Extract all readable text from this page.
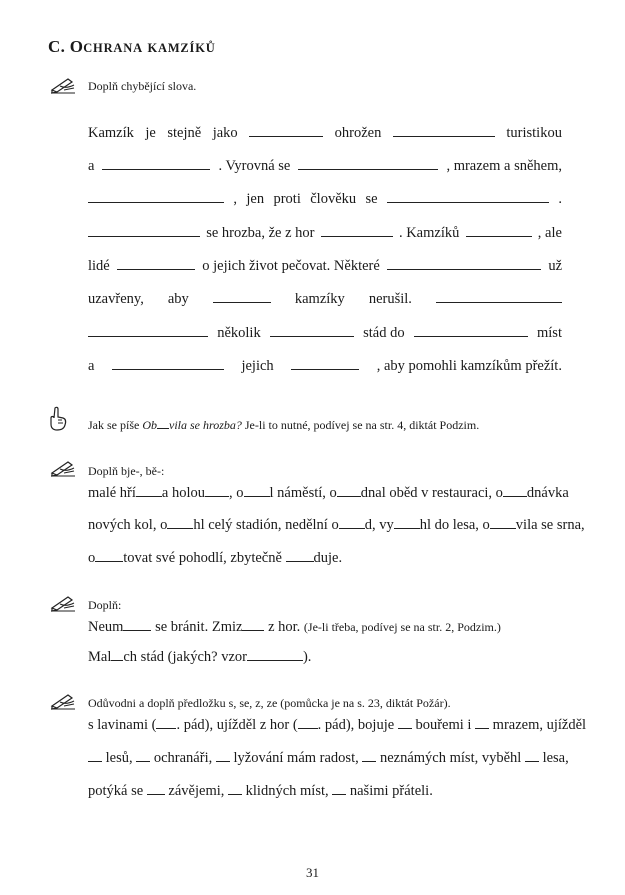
C. OCHRANA KAMZÍKŮ
Doplň chybějící slova.
Kamzík je stejně jako	ohrožen	turistikou
a	. Vyrovná se	, mrazem a sněhem,
, jen proti člověku se	.
se hrozba, že z hor	. Kamzíků	, ale
lidé	o jejich život pečovat. Některé	už
uzavřeny, aby	kamzíky nerušil.
několik	stád do	míst
a	jejich	, aby pomohli kamzíkům přežít.
Jak se píše Ob vila se hrozba? Je-li to nutné, podívej se na str. 4, diktát Podzim.
Doplň bje-, bě-:
malé hří	a holou , o l náměstí, o dnal oběd v restauraci, o dnávka
nových kol, o hl celý stadión, nedělní o d, vy hl do lesa, o vila se srna,
o tovat své pohodlí, zbytečně duje.
Doplň:
Neum se bránit. Zmiz z hor. (Je-li třeba, podívej se na str. 2, Podzim.)
Mal ch stád (jakých? vzor	).
Odůvodni a doplň předložku s, se, z, ze (pomůcka je na s. 23, diktát Požár).
s lavinami ( . pád), ujížděl z hor ( . pád), bojuje bouřemi i mrazem, ujížděl
lesů, ochranáři, lyžování mám radost, neznámých míst, vyběhl lesa,
potýká se závějemi, klidných míst, našimi přáteli.
31
